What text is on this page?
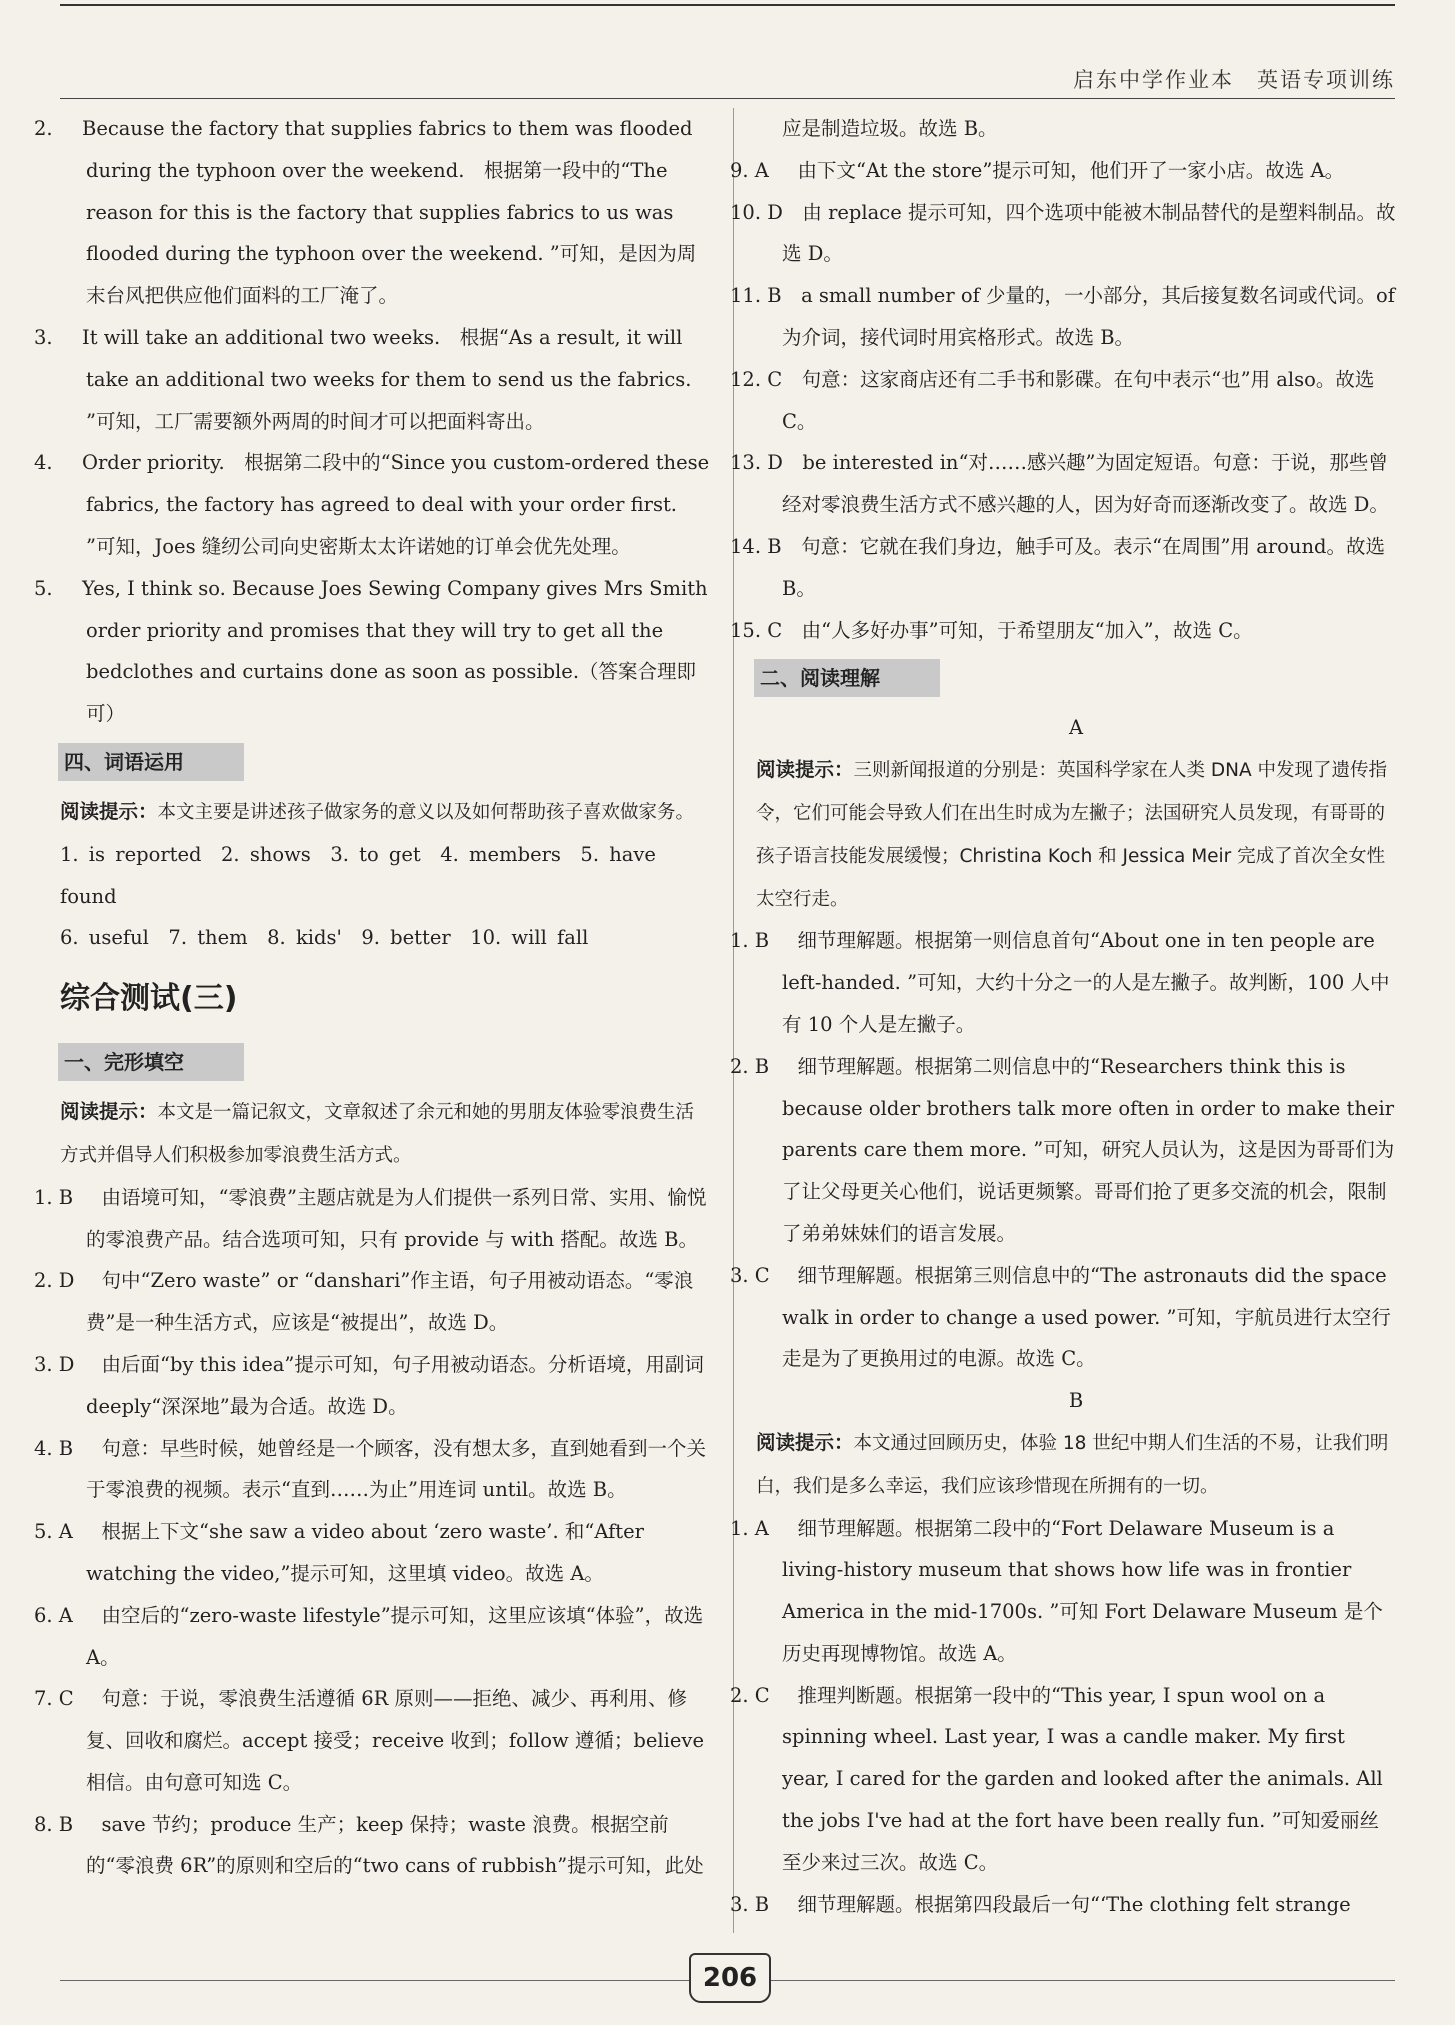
启东中学作业本　英语专项训练

2. Because the factory that supplies fabrics to them was flooded during the typhoon over the weekend.　根据第一段中的“The reason for this is the factory that supplies fabrics to us was flooded during the typhoon over the weekend. ”可知，是因为周末台风把供应他们面料的工厂淹了。

3. It will take an additional two weeks.　根据“As a result, it will take an additional two weeks for them to send us the fabrics. ”可知，工厂需要额外两周的时间才可以把面料寄出。

4. Order priority.　根据第二段中的“Since you custom-ordered these fabrics, the factory has agreed to deal with your order first. ”可知，Joes 缝纫公司向史密斯太太许诺她的订单会优先处理。

5. Yes, I think so. Because Joes Sewing Company gives Mrs Smith order priority and promises that they will try to get all the bedclothes and curtains done as soon as possible.（答案合理即可）

四、词语运用

阅读提示：本文主要是讲述孩子做家务的意义以及如何帮助孩子喜欢做家务。

1. is reported　2. shows　3. to get　4. members　5. have found

6. useful　7. them　8. kids'　9. better　10. will fall

综合测试(三)
一、完形填空

阅读提示：本文是一篇记叙文，文章叙述了余元和她的男朋友体验零浪费生活方式并倡导人们积极参加零浪费生活方式。

1. B　 由语境可知，“零浪费”主题店就是为人们提供一系列日常、实用、愉悦的零浪费产品。结合选项可知，只有 provide 与 with 搭配。故选 B。

2. D　 句中“Zero waste” or “danshari”作主语，句子用被动语态。“零浪费”是一种生活方式，应该是“被提出”，故选 D。

3. D　 由后面“by this idea”提示可知，句子用被动语态。分析语境，用副词 deeply“深深地”最为合适。故选 D。

4. B　 句意：早些时候，她曾经是一个顾客，没有想太多，直到她看到一个关于零浪费的视频。表示“直到……为止”用连词 until。故选 B。

5. A　 根据上下文“she saw a video about ‘zero waste’. 和“After watching the video,”提示可知，这里填 video。故选 A。

6. A　 由空后的“zero-waste lifestyle”提示可知，这里应该填“体验”，故选 A。

7. C　 句意：于说，零浪费生活遵循 6R 原则——拒绝、减少、再利用、修复、回收和腐烂。accept 接受；receive 收到；follow 遵循；believe 相信。由句意可知选 C。

8. B　 save 节约；produce 生产；keep 保持；waste 浪费。根据空前的“零浪费 6R”的原则和空后的“two cans of rubbish”提示可知，此处

应是制造垃圾。故选 B。

9. A　 由下文“At the store”提示可知，他们开了一家小店。故选 A。

10. D　 由 replace 提示可知，四个选项中能被木制品替代的是塑料制品。故选 D。

11. B　 a small number of 少量的，一小部分，其后接复数名词或代词。of 为介词，接代词时用宾格形式。故选 B。

12. C　 句意：这家商店还有二手书和影碟。在句中表示“也”用 also。故选 C。

13. D　 be interested in“对……感兴趣”为固定短语。句意：于说，那些曾经对零浪费生活方式不感兴趣的人，因为好奇而逐渐改变了。故选 D。

14. B　 句意：它就在我们身边，触手可及。表示“在周围”用 around。故选 B。

15. C　 由“人多好办事”可知，于希望朋友“加入”，故选 C。

二、阅读理解

A

阅读提示：三则新闻报道的分别是：英国科学家在人类 DNA 中发现了遗传指令，它们可能会导致人们在出生时成为左撇子；法国研究人员发现，有哥哥的孩子语言技能发展缓慢；Christina Koch 和 Jessica Meir 完成了首次全女性太空行走。

1. B　 细节理解题。根据第一则信息首句“About one in ten people are left-handed. ”可知，大约十分之一的人是左撇子。故判断，100 人中有 10 个人是左撇子。

2. B　 细节理解题。根据第二则信息中的“Researchers think this is because older brothers talk more often in order to make their parents care them more. ”可知，研究人员认为，这是因为哥哥们为了让父母更关心他们，说话更频繁。哥哥们抢了更多交流的机会，限制了弟弟妹妹们的语言发展。

3. C　 细节理解题。根据第三则信息中的“The astronauts did the space walk in order to change a used power. ”可知，宇航员进行太空行走是为了更换用过的电源。故选 C。

B

阅读提示：本文通过回顾历史，体验 18 世纪中期人们生活的不易，让我们明白，我们是多么幸运，我们应该珍惜现在所拥有的一切。

1. A　 细节理解题。根据第二段中的“Fort Delaware Museum is a living-history museum that shows how life was in frontier America in the mid-1700s. ”可知 Fort Delaware Museum 是个历史再现博物馆。故选 A。

2. C　 推理判断题。根据第一段中的“This year, I spun wool on a spinning wheel. Last year, I was a candle maker. My first year, I cared for the garden and looked after the animals. All the jobs I've had at the fort have been really fun. ”可知爱丽丝至少来过三次。故选 C。

3. B　 细节理解题。根据第四段最后一句“‘The clothing felt strange

206
